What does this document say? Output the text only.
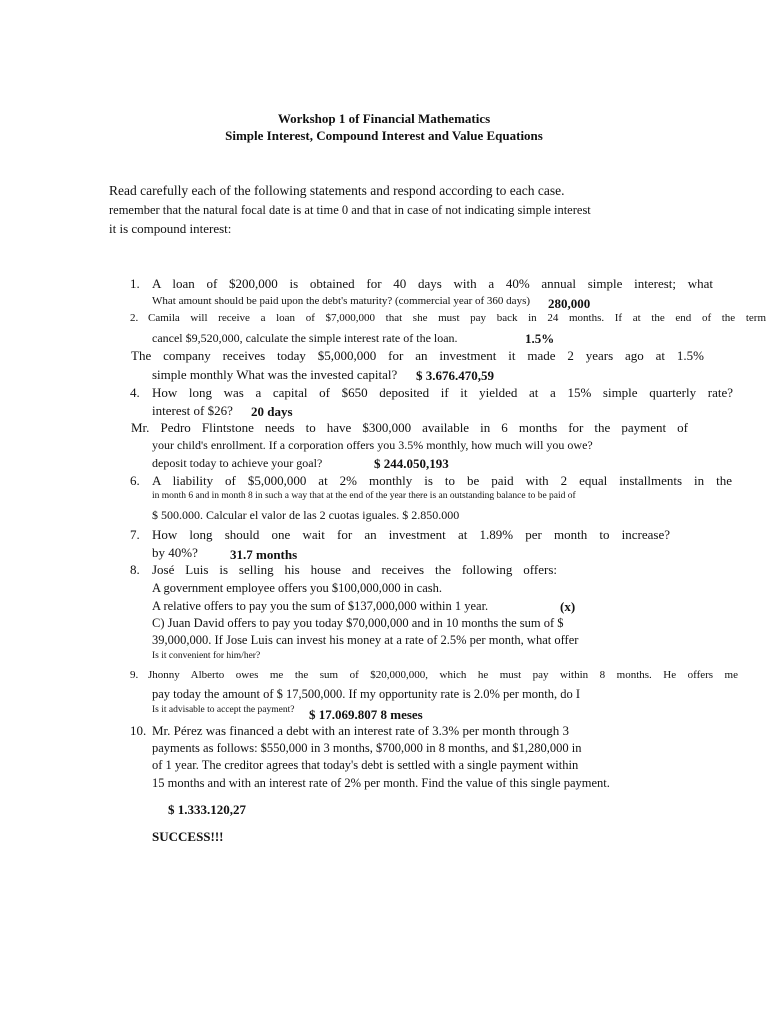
Workshop 1 of Financial Mathematics
Simple Interest, Compound Interest and Value Equations
Read carefully each of the following statements and respond according to each case.
remember that the natural focal date is at time 0 and that in case of not indicating simple interest
it is compound interest:
1. A loan of $200,000 is obtained for 40 days with a 40% annual simple interest; what
What amount should be paid upon the debt's maturity? (commercial year of 360 days) 280,000
2. Camila will receive a loan of $7,000,000 that she must pay back in 24 months. If at the end of the term
cancel $9,520,000, calculate the simple interest rate of the loan.	1.5%
The company receives today $5,000,000 for an investment it made 2 years ago at 1.5%
simple monthly What was the invested capital? $ 3.676.470,59
4. How long was a capital of $650 deposited if it yielded at a 15% simple quarterly rate?
interest of $26? 20 days
Mr. Pedro Flintstone needs to have $300,000 available in 6 months for the payment of
your child's enrollment. If a corporation offers you 3.5% monthly, how much will you owe?
deposit today to achieve your goal?	$ 244.050,193
6. A liability of $5,000,000 at 2% monthly is to be paid with 2 equal installments in the
in month 6 and in month 8 in such a way that at the end of the year there is an outstanding balance to be paid of
$ 500.000. Calcular el valor de las 2 cuotas iguales. $ 2.850.000
7. How long should one wait for an investment at 1.89% per month to increase?
by 40%? 31.7 months
8. José Luis is selling his house and receives the following offers:
A government employee offers you $100,000,000 in cash.
A relative offers to pay you the sum of $137,000,000 within 1 year.	(x)
C) Juan David offers to pay you today $70,000,000 and in 10 months the sum of $
39,000,000. If Jose Luis can invest his money at a rate of 2.5% per month, what offer
Is it convenient for him/her?
9. Jhonny Alberto owes me the sum of $20,000,000, which he must pay within 8 months. He offers me
pay today the amount of $ 17,500,000. If my opportunity rate is 2.0% per month, do I
Is it advisable to accept the payment? $ 17.069.807 8 meses
10. Mr. Pérez was financed a debt with an interest rate of 3.3% per month through 3
payments as follows: $550,000 in 3 months, $700,000 in 8 months, and $1,280,000 in
of 1 year. The creditor agrees that today's debt is settled with a single payment within
15 months and with an interest rate of 2% per month. Find the value of this single payment.
$ 1.333.120,27
SUCCESS!!!
